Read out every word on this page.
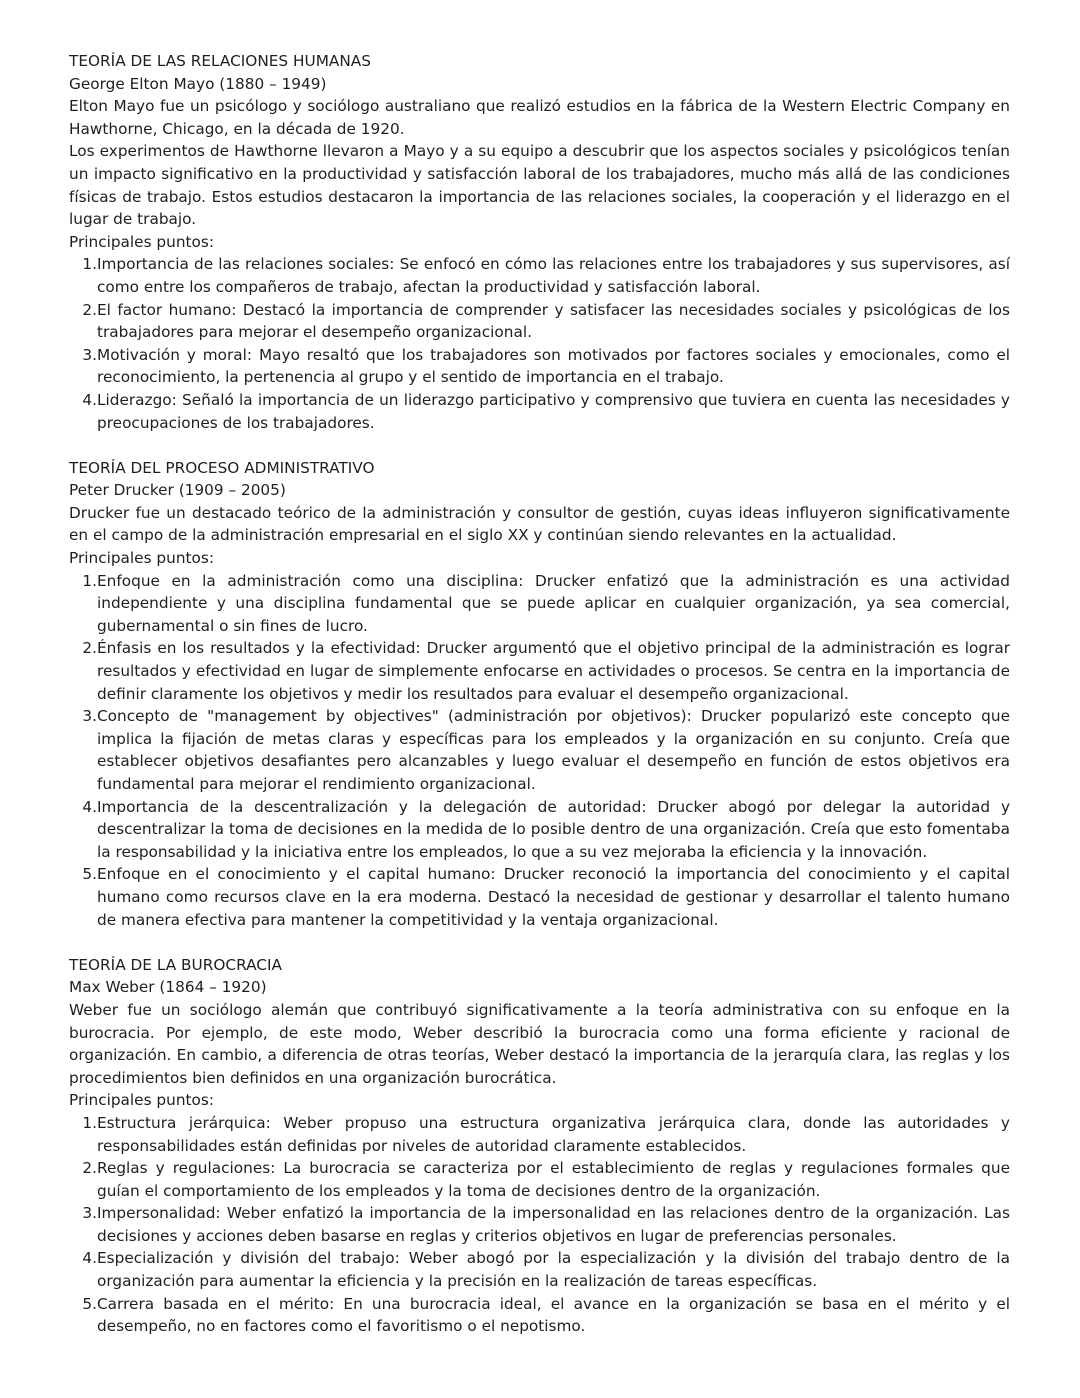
TEORÍA DE LAS RELACIONES HUMANAS
George Elton Mayo (1880 – 1949)

Elton Mayo fue un psicólogo y sociólogo australiano que realizó estudios en la fábrica de la Western Electric Company en Hawthorne, Chicago, en la década de 1920.

Los experimentos de Hawthorne llevaron a Mayo y a su equipo a descubrir que los aspectos sociales y psicológicos tenían un impacto significativo en la productividad y satisfacción laboral de los trabajadores, mucho más allá de las condiciones físicas de trabajo. Estos estudios destacaron la importancia de las relaciones sociales, la cooperación y el liderazgo en el lugar de trabajo.

Principales puntos:

1. Importancia de las relaciones sociales: Se enfocó en cómo las relaciones entre los trabajadores y sus supervisores, así como entre los compañeros de trabajo, afectan la productividad y satisfacción laboral.
2. El factor humano: Destacó la importancia de comprender y satisfacer las necesidades sociales y psicológicas de los trabajadores para mejorar el desempeño organizacional.
3. Motivación y moral: Mayo resaltó que los trabajadores son motivados por factores sociales y emocionales, como el reconocimiento, la pertenencia al grupo y el sentido de importancia en el trabajo.
4. Liderazgo: Señaló la importancia de un liderazgo participativo y comprensivo que tuviera en cuenta las necesidades y preocupaciones de los trabajadores.
TEORÍA DEL PROCESO ADMINISTRATIVO
Peter Drucker (1909 – 2005)

Drucker fue un destacado teórico de la administración y consultor de gestión, cuyas ideas influyeron significativamente en el campo de la administración empresarial en el siglo XX y continúan siendo relevantes en la actualidad.

Principales puntos:

1. Enfoque en la administración como una disciplina: Drucker enfatizó que la administración es una actividad independiente y una disciplina fundamental que se puede aplicar en cualquier organización, ya sea comercial, gubernamental o sin fines de lucro.
2. Énfasis en los resultados y la efectividad: Drucker argumentó que el objetivo principal de la administración es lograr resultados y efectividad en lugar de simplemente enfocarse en actividades o procesos. Se centra en la importancia de definir claramente los objetivos y medir los resultados para evaluar el desempeño organizacional.
3. Concepto de "management by objectives" (administración por objetivos): Drucker popularizó este concepto que implica la fijación de metas claras y específicas para los empleados y la organización en su conjunto. Creía que establecer objetivos desafiantes pero alcanzables y luego evaluar el desempeño en función de estos objetivos era fundamental para mejorar el rendimiento organizacional.
4. Importancia de la descentralización y la delegación de autoridad: Drucker abogó por delegar la autoridad y descentralizar la toma de decisiones en la medida de lo posible dentro de una organización. Creía que esto fomentaba la responsabilidad y la iniciativa entre los empleados, lo que a su vez mejoraba la eficiencia y la innovación.
5. Enfoque en el conocimiento y el capital humano: Drucker reconoció la importancia del conocimiento y el capital humano como recursos clave en la era moderna. Destacó la necesidad de gestionar y desarrollar el talento humano de manera efectiva para mantener la competitividad y la ventaja organizacional.
TEORÍA DE LA BUROCRACIA
Max Weber (1864 – 1920)

Weber fue un sociólogo alemán que contribuyó significativamente a la teoría administrativa con su enfoque en la burocracia. Por ejemplo, de este modo, Weber describió la burocracia como una forma eficiente y racional de organización. En cambio, a diferencia de otras teorías, Weber destacó la importancia de la jerarquía clara, las reglas y los procedimientos bien definidos en una organización burocrática.

Principales puntos:

1. Estructura jerárquica: Weber propuso una estructura organizativa jerárquica clara, donde las autoridades y responsabilidades están definidas por niveles de autoridad claramente establecidos.
2. Reglas y regulaciones: La burocracia se caracteriza por el establecimiento de reglas y regulaciones formales que guían el comportamiento de los empleados y la toma de decisiones dentro de la organización.
3. Impersonalidad: Weber enfatizó la importancia de la impersonalidad en las relaciones dentro de la organización. Las decisiones y acciones deben basarse en reglas y criterios objetivos en lugar de preferencias personales.
4. Especialización y división del trabajo: Weber abogó por la especialización y la división del trabajo dentro de la organización para aumentar la eficiencia y la precisión en la realización de tareas específicas.
5. Carrera basada en el mérito: En una burocracia ideal, el avance en la organización se basa en el mérito y el desempeño, no en factores como el favoritismo o el nepotismo.
